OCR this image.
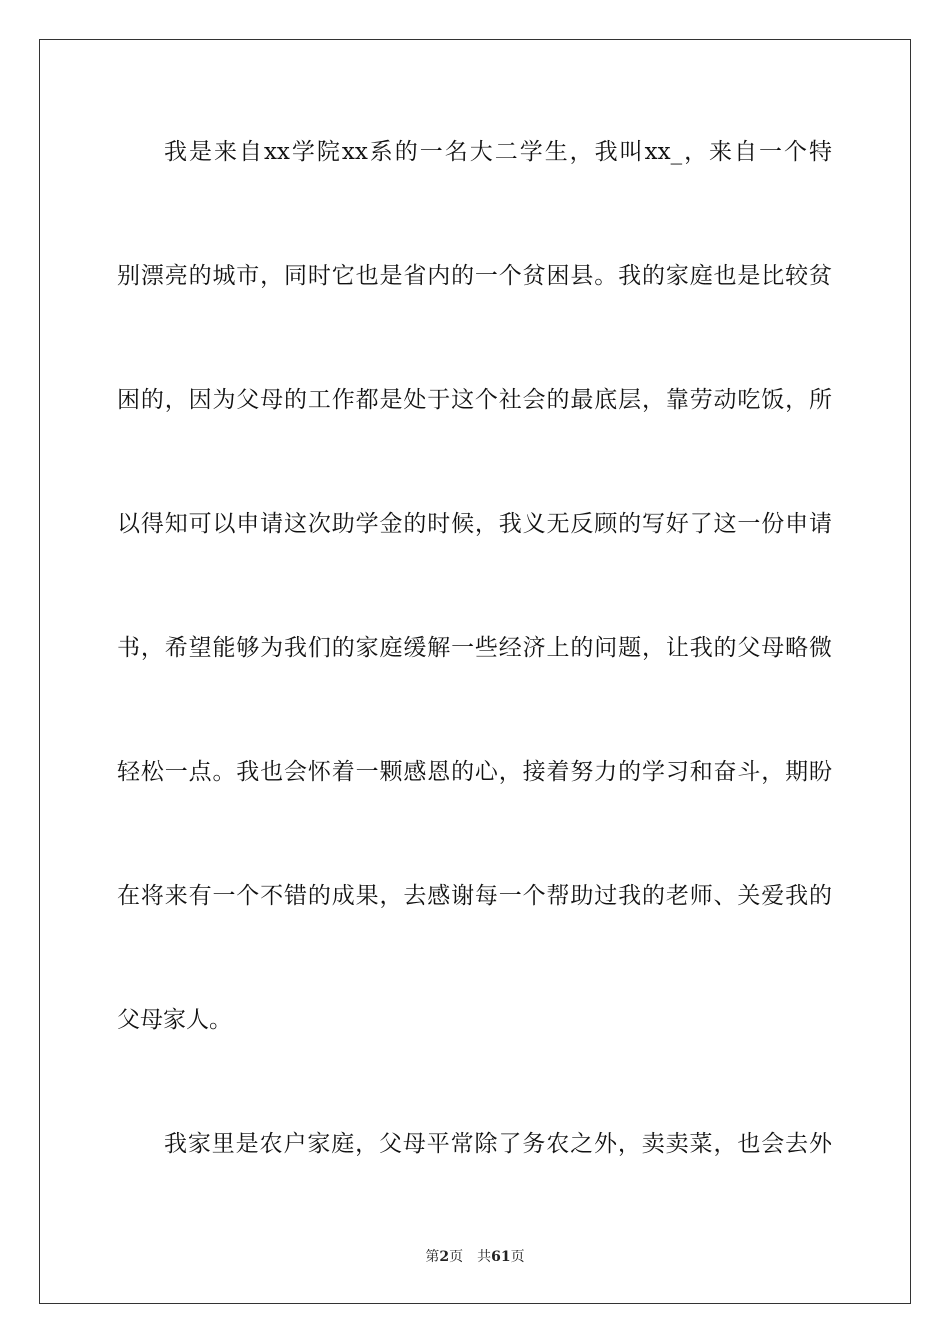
我是来自xx学院xx系的一名大二学生，我叫xx_，来自一个特
别漂亮的城市，同时它也是省内的一个贫困县。我的家庭也是比较贫
困的，因为父母的工作都是处于这个社会的最底层，靠劳动吃饭，所
以得知可以申请这次助学金的时候，我义无反顾的写好了这一份申请
书，希望能够为我们的家庭缓解一些经济上的问题，让我的父母略微
轻松一点。我也会怀着一颗感恩的心，接着努力的学习和奋斗，期盼
在将来有一个不错的成果，去感谢每一个帮助过我的老师、关爱我的
父母家人。
我家里是农户家庭，父母平常除了务农之外，卖卖菜，也会去外
第2页 共61页
